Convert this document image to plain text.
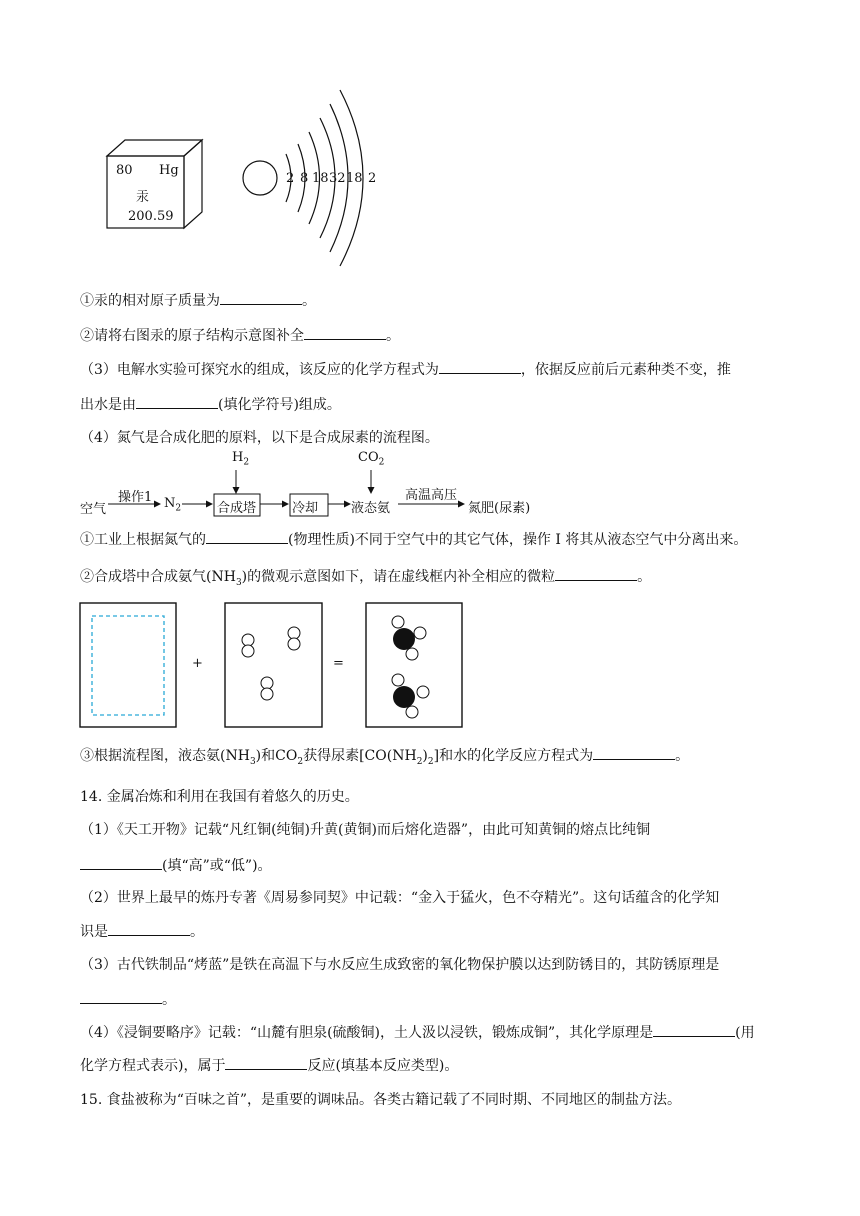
80 Hg
汞
200.59
2 8 18 32 18 2
①汞的相对原子质量为	。
②请将右图汞的原子结构示意图补全	。
（3）电解水实验可探究水的组成，该反应的化学方程式为	，依据反应前后元素种类不变，推
出水是由	(填化学符号)组成。
（4）氮气是合成化肥的原料，以下是合成尿素的流程图。
空气
操作1 $N_2$
$H_2$
合成塔	冷却
$CO_2$
液态氨
高温高压
氮肥(尿素)
①工业上根据氮气的	(物理性质)不同于空气中的其它气体，操作 I 将其从液态空气中分离出来。
②合成塔中合成氨气$(NH_3)$的微观示意图如下，请在虚线框内补全相应的微粒	。
+	=
③根据流程图，液态氨$(NH_3)$和$CO_2$获得尿素$[CO(NH_2)_2]$和水的化学反应方程式为	。
14. 金属冶炼和利用在我国有着悠久的历史。
（1）《天工开物》记载“凡红铜(纯铜)升黄(黄铜)而后熔化造器”，由此可知黄铜的熔点比纯铜
(填“高”或“低”)。
（2）世界上最早的炼丹专著《周易参同契》中记载：“金入于猛火，色不夺精光”。这句话蕴含的化学知
识是	。
（3）古代铁制品“烤蓝”是铁在高温下与水反应生成致密的氧化物保护膜以达到防锈目的，其防锈原理是
。
（4）《浸铜要略序》记载：“山麓有胆泉(硫酸铜)，土人汲以浸铁，锻炼成铜”，其化学原理是	(用
化学方程式表示)，属于	反应(填基本反应类型)。
15. 食盐被称为“百味之首”，是重要的调味品。各类古籍记载了不同时期、不同地区的制盐方法。
